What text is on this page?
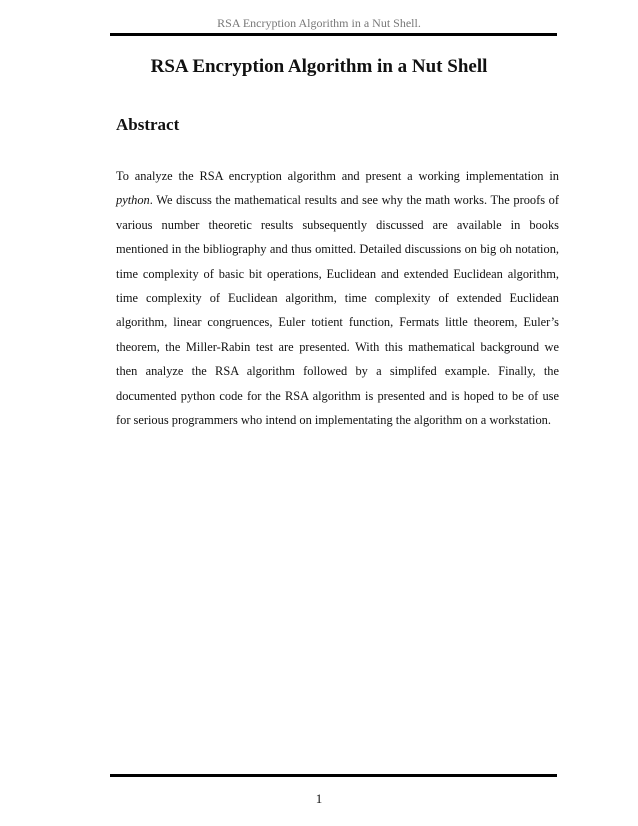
RSA Encryption Algorithm in a Nut Shell.
RSA Encryption Algorithm in a Nut Shell
Abstract

To analyze the RSA encryption algorithm and present a working implementation in python. We discuss the mathematical results and see why the math works. The proofs of various number theoretic results subsequently discussed are available in books mentioned in the bibliography and thus omitted. Detailed discussions on big oh notation, time complexity of basic bit operations, Euclidean and extended Euclidean algorithm, time complexity of Euclidean algorithm, time complexity of extended Euclidean algorithm, linear congruences, Euler totient function, Fermats little theorem, Euler’s theorem, the Miller-Rabin test are presented. With this mathematical background we then analyze the RSA algorithm followed by a simplifed example. Finally, the documented python code for the RSA algorithm is presented and is hoped to be of use for serious programmers who intend on implementating the algorithm on a workstation.

1
